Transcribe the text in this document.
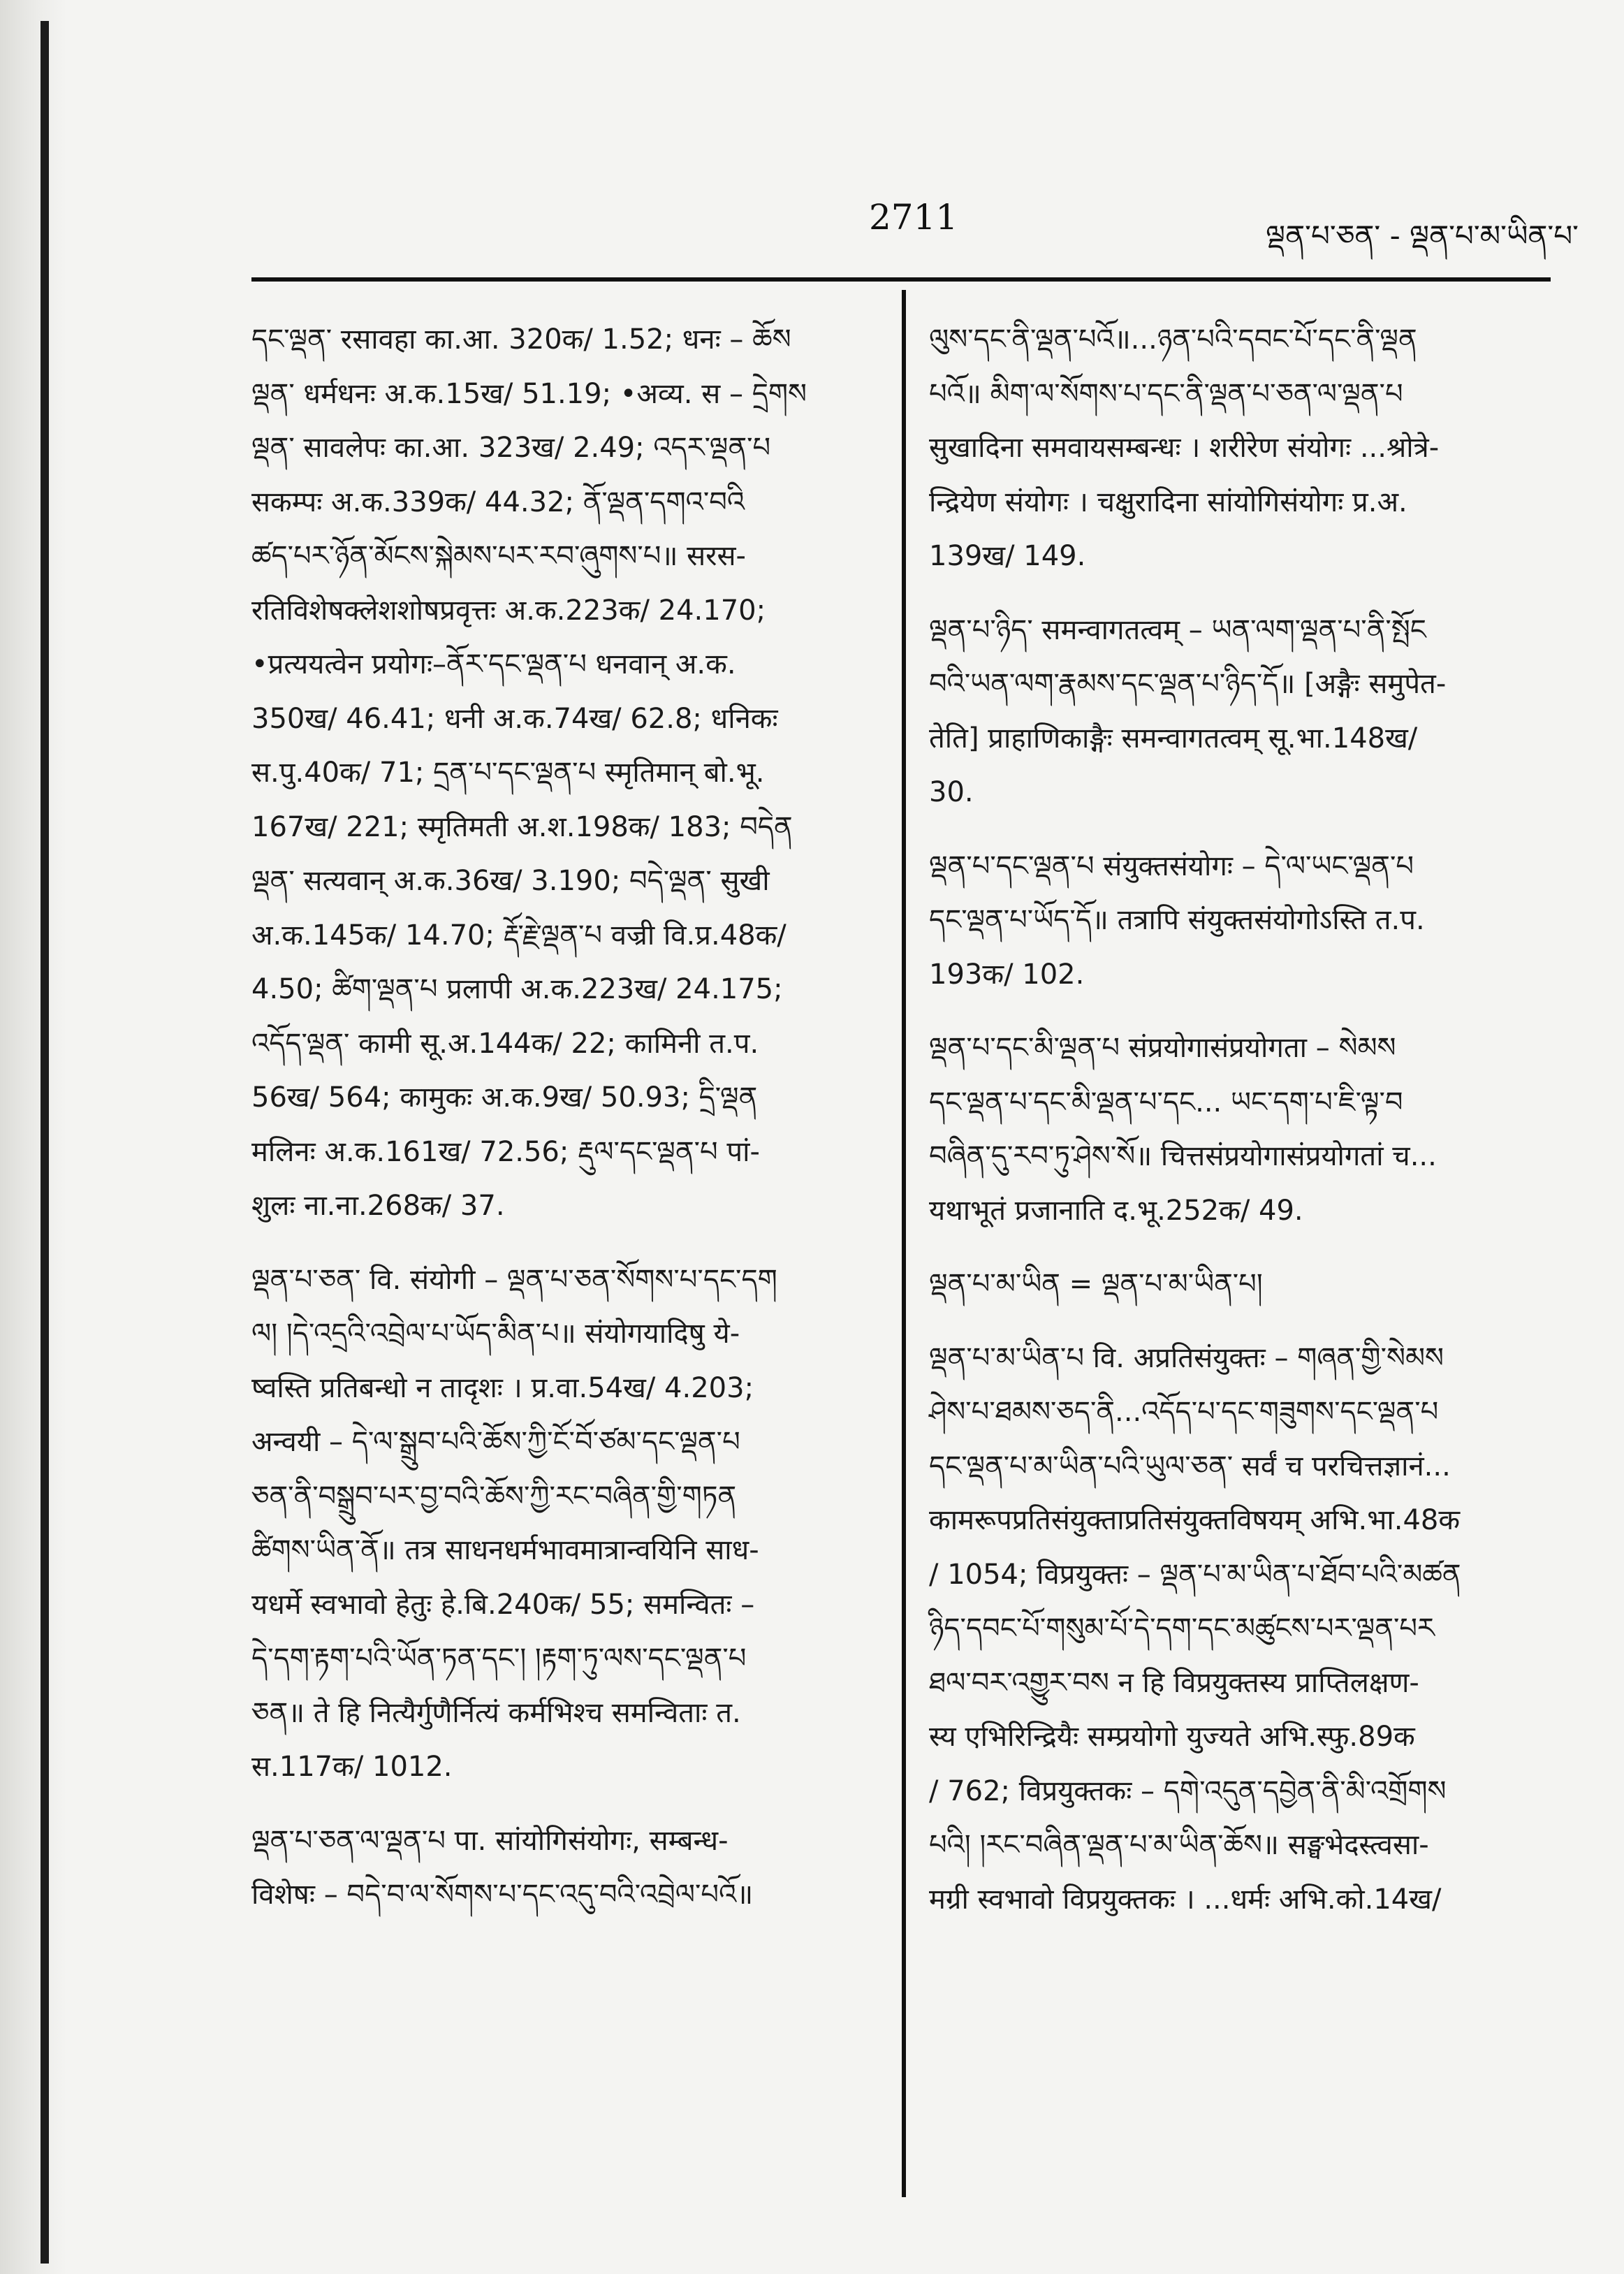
2711	ལྡན་པ་ཅན་ - ལྡན་པ་མ་ཡིན་པ་

དང་ལྡན་ रसावहा का.आ. 320क/ 1.52; धनः – ཆོས
ལྡན་ धर्मधनः अ.क.15ख/ 51.19; •अव्य. स – དྲེགས
ལྡན་ सावलेपः का.आ. 323ख/ 2.49; འདར་ལྡན་པ
सकम्पः अ.क.339क/ 44.32; ནོ་ལྡན་དགའ་བའི
ཚད་པར་ཉོན་མོངས་སྐེམས་པར་རབ་ཞུགས་པ॥ सरस-
रतिविशेषक्लेशशोषप्रवृत्तः अ.क.223क/ 24.170;
•प्रत्ययत्वेन प्रयोगः–ནོར་དང་ལྡན་པ धनवान् अ.क.
350ख/ 46.41; धनी अ.क.74ख/ 62.8; धनिकः
स.पु.40क/ 71; དྲན་པ་དང་ལྡན་པ स्मृतिमान् बो.भू.
167ख/ 221; स्मृतिमती अ.श.198क/ 183; བདེན
ལྡན་ सत्यवान् अ.क.36ख/ 3.190; བདེ་ལྡན་ सुखी
अ.क.145क/ 14.70; རྡོ་རྗེ་ལྡན་པ वज्री वि.प्र.48क/
4.50; ཚིག་ལྡན་པ प्रलापी अ.क.223ख/ 24.175;
འདོད་ལྡན་ कामी सू.अ.144क/ 22; कामिनी त.प.
56ख/ 564; कामुकः अ.क.9ख/ 50.93; དྲི་ལྡན
मलिनः अ.क.161ख/ 72.56; རྡུལ་དང་ལྡན་པ पां-
शुलः ना.ना.268क/ 37.

ལྡན་པ་ཅན་ वि. संयोगी – ལྡན་པ་ཅན་སོགས་པ་དང་དག
ལ། །དེ་འདྲའི་འབྲེལ་པ་ཡོད་མིན་པ॥ संयोगयादिषु ये-
ष्वस्ति प्रतिबन्धो न तादृशः । प्र.वा.54ख/ 4.203;
अन्वयी – དེ་ལ་སྒྲུབ་པའི་ཆོས་ཀྱི་ངོ་བོ་ཙམ་དང་ལྡན་པ
ཅན་ནི་བསྒྲུབ་པར་བྱ་བའི་ཆོས་ཀྱི་རང་བཞིན་གྱི་གཏན
ཚིགས་ཡིན་ནོ॥ तत्र साधनधर्मभावमात्रान्वयिनि साध-
यधर्मे स्वभावो हेतुः हे.बि.240क/ 55; समन्वितः –
དེ་དག་རྟག་པའི་ཡོན་ཏན་དང་། །རྟག་ཏུ་ལས་དང་ལྡན་པ
ཅན॥ ते हि नित्यैर्गुणैर्नित्यं कर्मभिश्च समन्विताः त.
स.117क/ 1012.

ལྡན་པ་ཅན་ལ་ལྡན་པ पा. सांयोगिसंयोगः, सम्बन्ध-
विशेषः – བདེ་བ་ལ་སོགས་པ་དང་འདུ་བའི་འབྲེལ་པའོ॥

ལུས་དང་ནི་ལྡན་པའོ॥...ཉན་པའི་དབང་པོ་དང་ནི་ལྡན
པའོ॥ མིག་ལ་སོགས་པ་དང་ནི་ལྡན་པ་ཅན་ལ་ལྡན་པ
सुखादिना समवायसम्बन्धः । शरीरेण संयोगः ...श्रोत्रे-
न्द्रियेण संयोगः । चक्षुरादिना सांयोगिसंयोगः प्र.अ.
139ख/ 149.

ལྡན་པ་ཉིད་ समन्वागतत्वम् – ཡན་ལག་ལྡན་པ་ནི་སྤོང
བའི་ཡན་ལག་རྣམས་དང་ལྡན་པ་ཉིད་དོ॥ [अङ्गैः समुपेत-
तेति] प्राहाणिकाङ्गैः समन्वागतत्वम् सू.भा.148ख/
30.

ལྡན་པ་དང་ལྡན་པ संयुक्तसंयोगः – དེ་ལ་ཡང་ལྡན་པ
དང་ལྡན་པ་ཡོད་དོ॥ तत्रापि संयुक्तसंयोगोऽस्ति त.प.
193क/ 102.

ལྡན་པ་དང་མི་ལྡན་པ संप्रयोगासंप्रयोगता – སེམས
དང་ལྡན་པ་དང་མི་ལྡན་པ་དང... ཡང་དག་པ་ཇི་ལྟ་བ
བཞིན་དུ་རབ་ཏུ་ཤེས་སོ॥ चित्तसंप्रयोगासंप्रयोगतां च...
यथाभूतं प्रजानाति द.भू.252क/ 49.

ལྡན་པ་མ་ཡིན = ལྡན་པ་མ་ཡིན་པ།

ལྡན་པ་མ་ཡིན་པ वि. अप्रतिसंयुक्तः – གཞན་གྱི་སེམས
ཤེས་པ་ཐམས་ཅད་ནི...འདོད་པ་དང་གཟུགས་དང་ལྡན་པ
དང་ལྡན་པ་མ་ཡིན་པའི་ཡུལ་ཅན་ सर्वं च परचित्तज्ञानं...
कामरूपप्रतिसंयुक्ताप्रतिसंयुक्तविषयम् अभि.भा.48क
/ 1054; विप्रयुक्तः – ལྡན་པ་མ་ཡིན་པ་ཐོབ་པའི་མཚན
ཉིད་དབང་པོ་གསུམ་པོ་དེ་དག་དང་མཚུངས་པར་ལྡན་པར
ཐལ་བར་འགྱུར་བས न हि विप्रयुक्तस्य प्राप्तिलक्षण-
स्य एभिरिन्द्रियैः सम्प्रयोगो युज्यते अभि.स्फु.89क
/ 762; विप्रयुक्तकः – དགེ་འདུན་དབྱེན་ནི་མི་འགྲོགས
པའི། །རང་བཞིན་ལྡན་པ་མ་ཡིན་ཆོས॥ सङ्घभेदस्त्वसा-
मग्री स्वभावो विप्रयुक्तकः । ...धर्मः अभि.को.14ख/
